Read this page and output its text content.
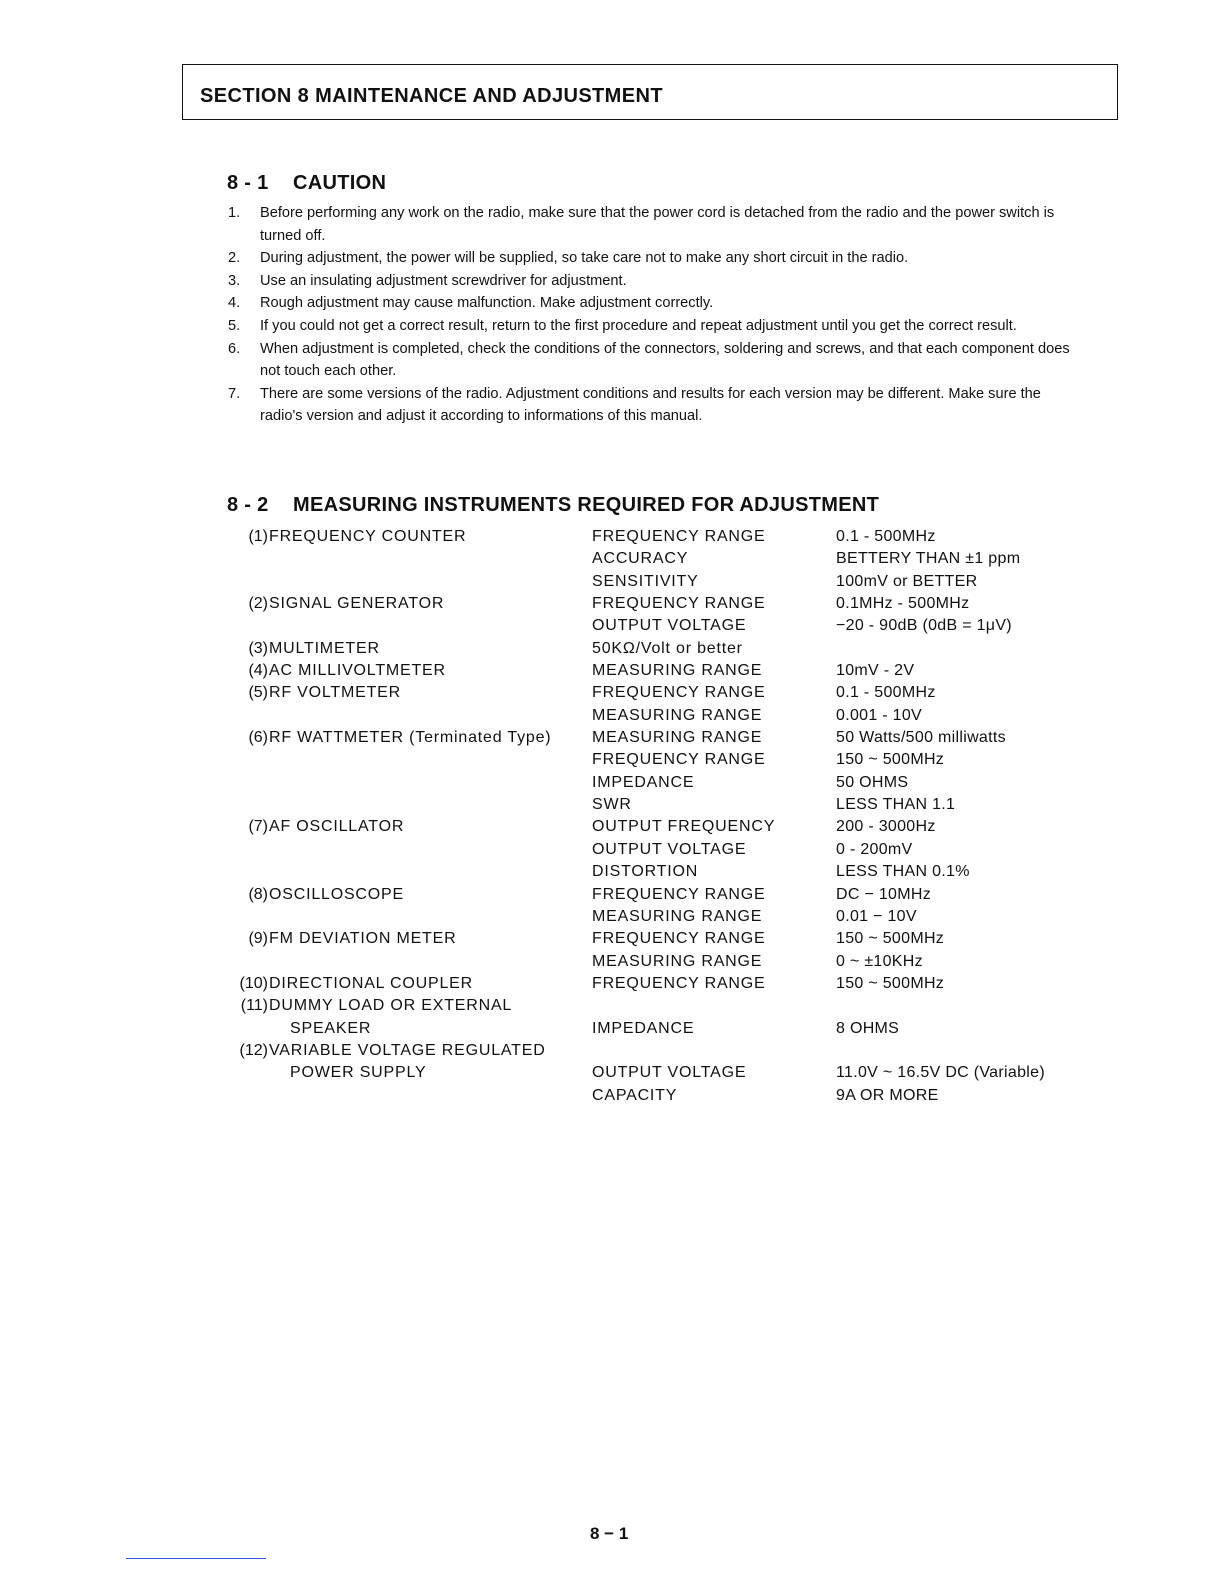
SECTION 8 MAINTENANCE AND ADJUSTMENT
8 - 1 CAUTION
1. Before performing any work on the radio, make sure that the power cord is detached from the radio and the power switch is turned off.
2. During adjustment, the power will be supplied, so take care not to make any short circuit in the radio.
3. Use an insulating adjustment screwdriver for adjustment.
4. Rough adjustment may cause malfunction. Make adjustment correctly.
5. If you could not get a correct result, return to the first procedure and repeat adjustment until you get the correct result.
6. When adjustment is completed, check the conditions of the connectors, soldering and screws, and that each component does not touch each other.
7. There are some versions of the radio. Adjustment conditions and results for each version may be different. Make sure the radio's version and adjust it according to informations of this manual.
8 - 2 MEASURING INSTRUMENTS REQUIRED FOR ADJUSTMENT
(1) FREQUENCY COUNTER	FREQUENCY RANGE	0.1 - 500MHz
ACCURACY	BETTERY THAN ±1 ppm
SENSITIVITY	100mV or BETTER
(2) SIGNAL GENERATOR	FREQUENCY RANGE	0.1MHz - 500MHz
OUTPUT VOLTAGE	−20 - 90dB (0dB = 1μV)
(3) MULTIMETER	50KΩ/Volt or better
(4) AC MILLIVOLTMETER	MEASURING RANGE	10mV - 2V
(5) RF VOLTMETER	FREQUENCY RANGE	0.1 - 500MHz
MEASURING RANGE	0.001 - 10V
(6) RF WATTMETER (Terminated Type)	MEASURING RANGE	50 Watts/500 milliwatts
FREQUENCY RANGE	150 ~ 500MHz
IMPEDANCE	50 OHMS
SWR	LESS THAN 1.1
(7) AF OSCILLATOR	OUTPUT FREQUENCY	200 - 3000Hz
OUTPUT VOLTAGE	0 - 200mV
DISTORTION	LESS THAN 0.1%
(8) OSCILLOSCOPE	FREQUENCY RANGE	DC − 10MHz
MEASURING RANGE	0.01 − 10V
(9) FM DEVIATION METER	FREQUENCY RANGE	150 ~ 500MHz
MEASURING RANGE	0 ~ ±10KHz
(10) DIRECTIONAL COUPLER	FREQUENCY RANGE	150 ~ 500MHz
(11) DUMMY LOAD OR EXTERNAL
SPEAKER	IMPEDANCE	8 OHMS
(12) VARIABLE VOLTAGE REGULATED
POWER SUPPLY	OUTPUT VOLTAGE	11.0V ~ 16.5V DC (Variable)
CAPACITY	9A OR MORE
8 − 1
